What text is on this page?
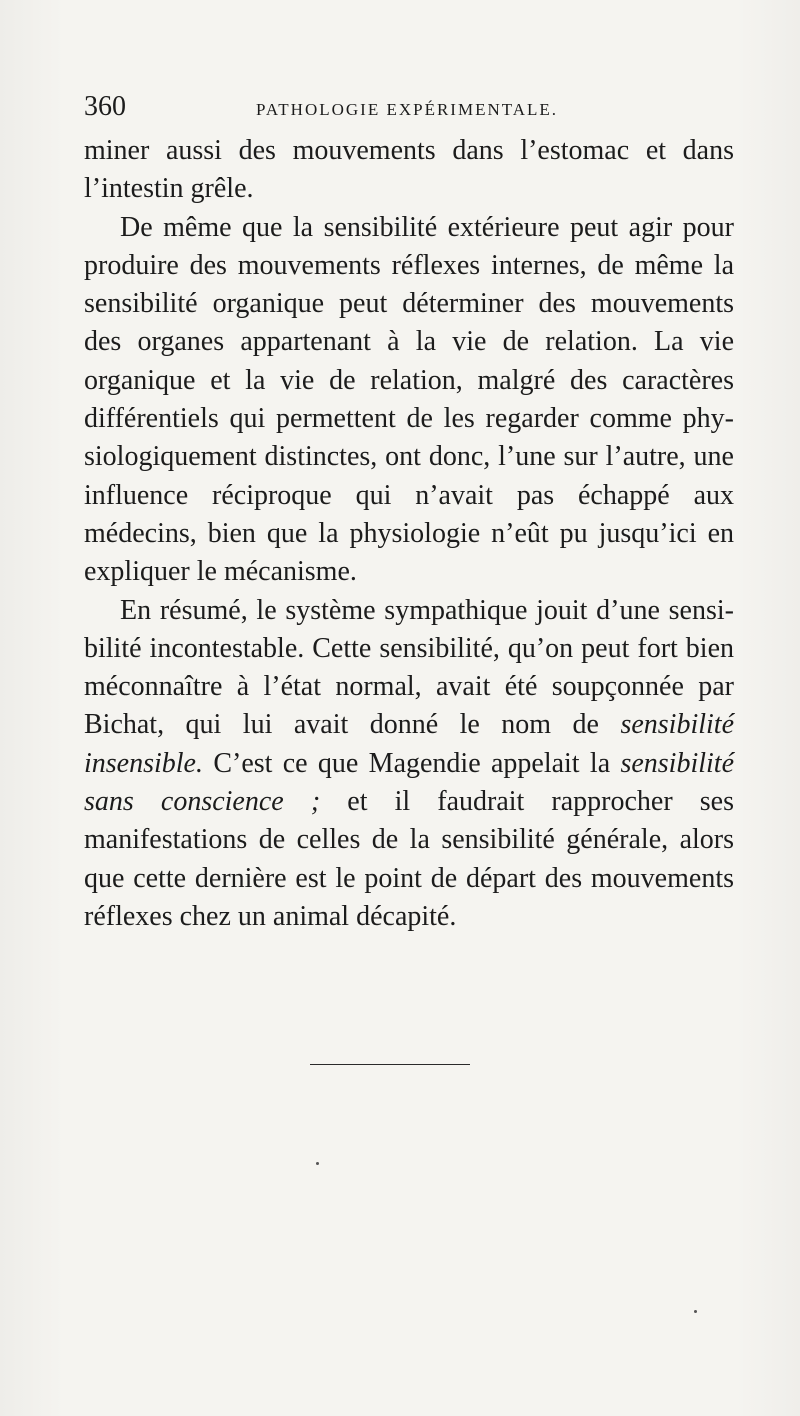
360	PATHOLOGIE EXPÉRIMENTALE.

miner aussi des mouvements dans l’estomac et dans l’intestin grêle.

De même que la sensibilité extérieure peut agir pour produire des mouvements réflexes internes, de même la sensibilité organique peut déterminer des mouvements des organes appartenant à la vie de relation. La vie organique et la vie de relation, malgré des caractères différentiels qui permettent de les regarder comme physiologiquement distinctes, ont donc, l’une sur l’autre, une influence réciproque qui n’avait pas échappé aux médecins, bien que la physiologie n’eût pu jusqu’ici en expliquer le mécanisme.

En résumé, le système sympathique jouit d’une sensibilité incontestable. Cette sensibilité, qu’on peut fort bien méconnaître à l’état normal, avait été soupçonnée par Bichat, qui lui avait donné le nom de sensibilité insensible. C’est ce que Magendie appelait la sensibilité sans conscience ; et il faudrait rapprocher ses manifestations de celles de la sensibilité générale, alors que cette dernière est le point de départ des mouvements réflexes chez un animal décapité.
